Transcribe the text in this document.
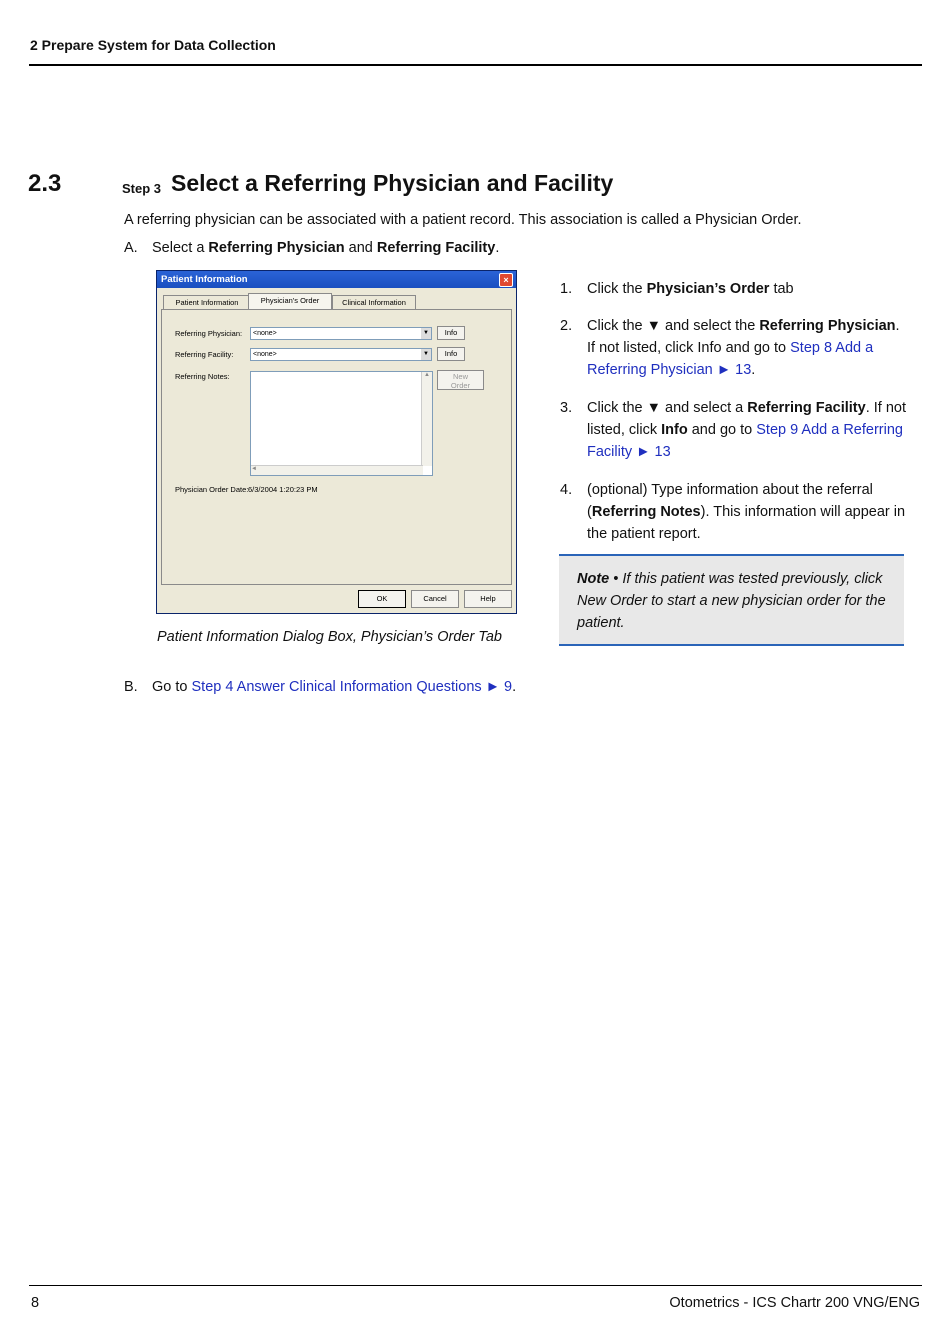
2 Prepare System for Data Collection
2.3	Step 3 Select a Referring Physician and Facility
A referring physician can be associated with a patient record. This association is called a Physician Order.
A. Select a Referring Physician and Referring Facility.
Patient Information	×
Patient Information	Physician's Order	Clinical Information
Referring Physician: <none>	▼	Info
Referring Facility:	<none>	▼	Info
Referring Notes:	▲
◄
New
Order
Physician Order Date: 6/3/2004 1:20:23 PM
OK	Cancel	Help
Patient Information Dialog Box, Physician’s Order Tab
1. Click the Physician’s Order tab
2. Click the ▼ and select the Referring Physician. If not listed, click Info and go to Step 8 Add a Referring Physician ► 13.
3. Click the ▼ and select a Referring Facility. If not listed, click Info and go to Step 9 Add a Referring Facility ► 13
4. (optional) Type information about the referral (Referring Notes). This information will appear in the patient report.
Note • If this patient was tested previously, click New Order to start a new physician order for the patient.
B. Go to Step 4 Answer Clinical Information Questions ► 9.
8	Otometrics - ICS Chartr 200 VNG/ENG
